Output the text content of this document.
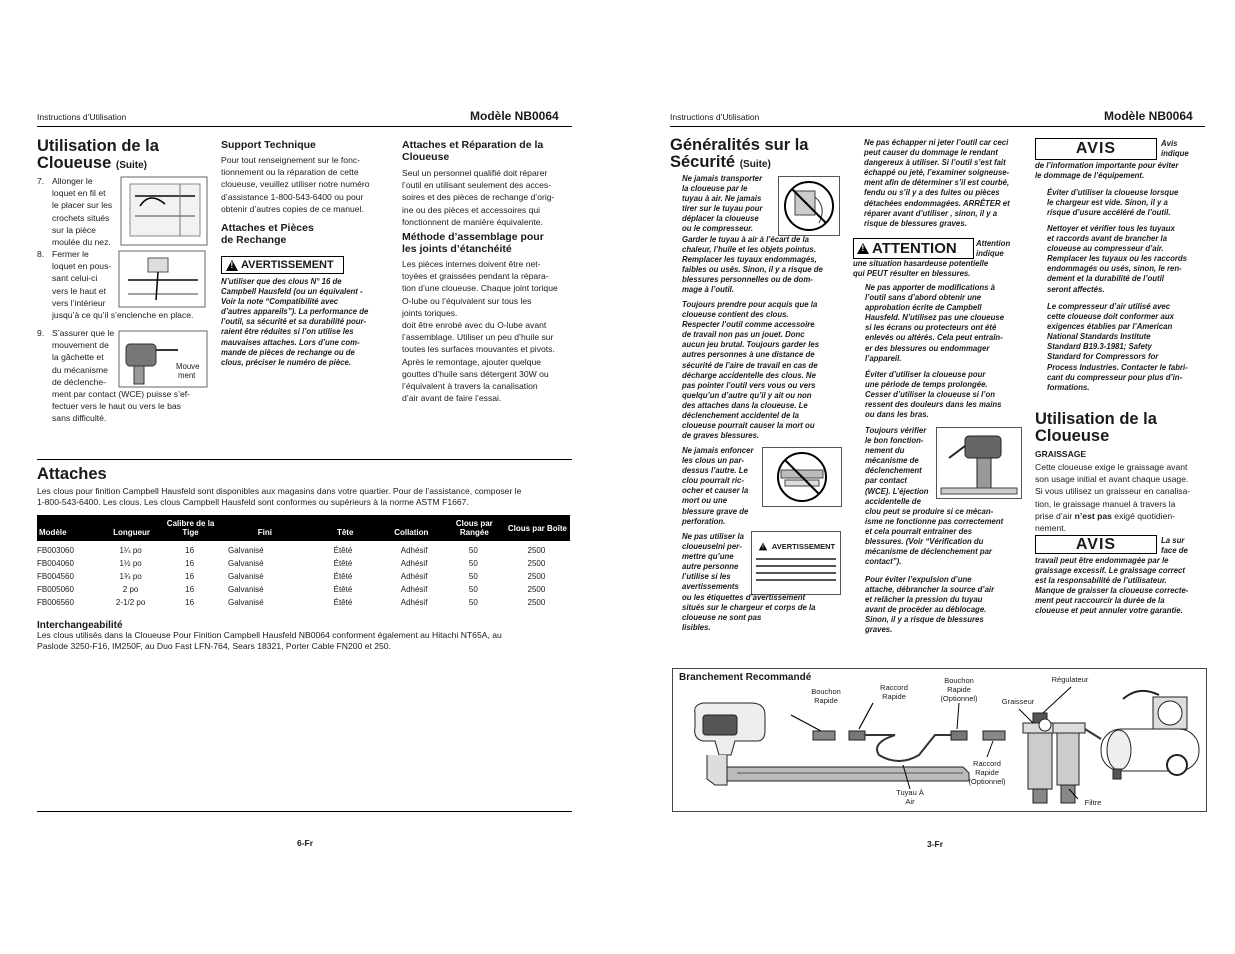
Instructions d’Utilisation	Modèle NB0064
Utilisation de la
Cloueuse (Suite)
7. Allonger le
loquet en fil et
le placer sur les
crochets situés
sur la pièce
moulée du nez.
8. Fermer le
loquet en pous-
sant celui-ci
vers le haut et
vers l’intérieur
jusqu’à ce qu’il s’enclenche en place.
9. S’assurer que le
mouvement de
la gâchette et
du mécanisme
de déclenche-
ment par contact (WCE) puisse s’ef-
fectuer vers le haut ou vers le bas
sans difficulté.
Mouve
ment
Support Technique
Pour tout renseignement sur le fonc-
tionnement ou la réparation de cette
cloueuse, veuillez utiliser notre numéro
d’assistance 1-800-543-6400 ou pour
obtenir d’autres copies de ce manuel.
Attaches et Pièces
de Rechange
!
AVERTISSEMENT
N’utiliser que des clous N° 16 de
Campbell Hausfeld (ou un équivalent -
Voir la note “Compatibilité avec
d’autres appareils”). La performance de
l’outil, sa sécurité et sa durabilité pour-
raient être réduites si l’on utilise les
mauvaises attaches. Lors d’une com-
mande de pièces de rechange ou de
clous, préciser le numéro de pièce.
Attaches et Réparation de la
Cloueuse
Seul un personnel qualifié doit réparer
l’outil en utilisant seulement des acces-
soires et des pièces de rechange d’orig-
ine ou des pièces et accessoires qui
fonctionnent de manière équivalente.
Méthode d’assemblage pour
les joints d’étanchéité
Les pièces internes doivent être net-
toyées et graissées pendant la répara-
tion d’une cloueuse. Chaque joint torique
O-lube ou l’équivalent sur tous les
joints toriques.
doit être enrobé avec du O-lube avant
l’assemblage. Utiliser un peu d’huile sur
toutes les surfaces mouvantes et pivots.
Après le remontage, ajouter quelque
gouttes d’huile sans détergent 30W ou
l’équivalent à travers la canalisation
d’air avant de faire l’essai.
Attaches
Les clous pour finition Campbell Hausfeld sont disponibles aux magasins dans votre quartier. Pour de l’assistance, composer le
1-800-543-6400. Les clous. Les clous Campbell Hausfeld sont conformes ou supérieurs à la norme ASTM F1667.
Modèle	Longueur	Calibre de la Tige	Fini	Tête	Collation	Clous par Rangée	Clous par Boîte
FB003060	1¼ po	16	Galvanisé	Étêté	Adhésif	50	2500
FB004060	1½ po	16	Galvanisé	Étêté	Adhésif	50	2500
FB004560	1¾ po	16	Galvanisé	Étêté	Adhésif	50	2500
FB005060	2 po	16	Galvanisé	Étêté	Adhésif	50	2500
FB006560	2-1/2 po	16	Galvanisé	Étêté	Adhésif	50	2500
Interchangeabilité
Les clous utilisés dans la Cloueuse Pour Finition Campbell Hausfeld NB0064 conforment également au Hitachi NT65A, au
Paslode 3250-F16, IM250F, au Duo Fast LFN-764, Sears 18321, Porter Cable FN200 et 250.
6-Fr
Instructions d’Utilisation	Modèle NB0064
Généralités sur la
Sécurité (Suite)
Ne jamais transporter
la cloueuse par le
tuyau à air. Ne jamais
tirer sur le tuyau pour
déplacer la cloueuse
ou le compresseur.
Garder le tuyau à air à l’écart de la
chaleur, l’huile et les objets pointus.
Remplacer les tuyaux endommagés,
faibles ou usés. Sinon, il y a risque de
blessures personnelles ou de dom-
mage à l’outil.
Toujours prendre pour acquis que la
cloueuse contient des clous.
Respecter l’outil comme accessoire
de travail non pas un jouet. Donc
aucun jeu brutal. Toujours garder les
autres personnes à une distance de
sécurité de l’aire de travail en cas de
décharge accidentelle des clous. Ne
pas pointer l’outil vers vous ou vers
quelqu’un d’autre qu’il y ait ou non
des attaches dans la cloueuse. Le
déclenchement accidentel de la
cloueuse pourrait causer la mort ou
de graves blessures.
Ne jamais enfoncer
les clous un par-
dessus l’autre. Le
clou pourrait ric-
ocher et causer la
mort ou une
blessure grave de
perforation.
Ne pas utiliser la
cloueuselni per-
mettre qu’une
autre personne
l’utilise si les
avertissements
!
AVERTISSEMENT
ou les étiquettes d’avertissement
situés sur le chargeur et corps de la
cloueuse ne sont pas
lisibles.
Ne pas échapper ni jeter l’outil car ceci
peut causer du dommage le rendant
dangereux à utiliser. Si l’outil s’est fait
échappé ou jeté, l’examiner soigneuse-
ment afin de déterminer s’il est courbé,
fendu ou s’il y a des fuites ou pièces
détachées endommagées. ARRÊTER et
réparer avant d’utiliser , sinon, il y a
risque de blessures graves.
!
ATTENTION Attention
indique
une situation hasardeuse potentielle
qui PEUT résulter en blessures.
Ne pas apporter de modifications à
l’outil sans d’abord obtenir une
approbation écrite de Campbell
Hausfeld. N’utilisez pas une cloueuse
si les écrans ou protecteurs ont été
enlevés ou altérés. Cela peut entraîn-
er des blessures ou endommager
l’appareil.
Éviter d’utiliser la cloueuse pour
une période de temps prolongée.
Cesser d’utiliser la cloueuse si l’on
ressent des douleurs dans les mains
ou dans les bras.
Toujours vérifier
le bon fonction-
nement du
mécanisme de
déclenchement
par contact
(WCE). L’éjection
accidentelle de
clou peut se produire si ce mécan-
isme ne fonctionne pas correctement
et cela pourrait entrainer des
blessures. (Voir “Vérification du
mécanisme de déclenchement par
contact”).
Pour éviter l’expulsion d’une
attache, débrancher la source d’air
et relâcher la pression du tuyau
avant de procéder au déblocage.
Sinon, il y a risque de blessures
graves.
AVIS	Avis
indique
de l’information importante pour éviter
le dommage de l’équipement.
Éviter d’utiliser la cloueuse lorsque
le chargeur est vide. Sinon, il y a
risque d’usure accéléré de l’outil.
Nettoyer et vérifier tous les tuyaux
et raccords avant de brancher la
cloueuse au compresseur d’air.
Remplacer les tuyaux ou les raccords
endommagés ou usés, sinon, le ren-
dement et la durabilité de l’outil
seront affectés.
Le compresseur d’air utilisé avec
cette cloueuse doit conformer aux
exigences établies par l’American
National Standards Institute
Standard B19.3-1981; Safety
Standard for Compressors for
Process Industries. Contacter le fabri-
cant du compresseur pour plus d’in-
formations.
Utilisation de la
Cloueuse
GRAISSAGE
Cette cloueuse exige le graissage avant
son usage initial et avant chaque usage.
Si vous utilisez un graisseur en canalisa-
tion, le graissage manuel à travers la
prise d’air n’est pas exigé quotidien-
nement.
AVIS	La sur
face de
travail peut être endommagée par le
graissage excessif. Le graissage correct
est la responsabilité de l’utilisateur.
Manque de graisser la cloueuse correcte-
ment peut raccourcir la durée de la
cloueuse et peut annuler votre garantie.
Branchement Recommandé
Bouchon
Rapide
Raccord
Rapide
Bouchon
Rapide
(Optionnel)	Graisseur
Régulateur
Raccord
Rapide
(Optionnel)
Tuyau À
Air	Filtre
3-Fr
